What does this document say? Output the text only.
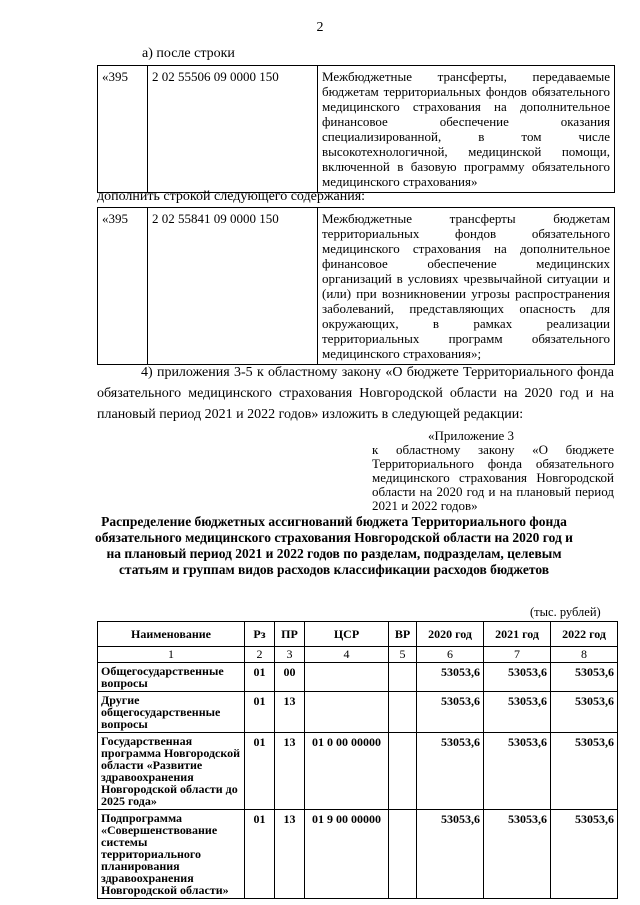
2
а) после строки
«395	2 02 55506 09 0000 150	Межбюджетные трансферты, передаваемые бюджетам территориальных фондов обязательного медицинского страхования на дополнительное финансовое обеспечение оказания специализированной, в том числе высокотехнологичной, медицинской помощи, включенной в базовую программу обязательного медицинского страхования»
дополнить строкой следующего содержания:
«395	2 02 55841 09 0000 150	Межбюджетные трансферты бюджетам территориальных фондов обязательного медицинского страхования на дополнительное финансовое обеспечение медицинских организаций в условиях чрезвычайной ситуации и (или) при возникновении угрозы распространения заболеваний, представляющих опасность для окружающих, в рамках реализации территориальных программ обязательного медицинского страхования»;
4) приложения 3-5 к областному закону «О бюджете Территориального фонда обязательного медицинского страхования Новгородской области на 2020 год и на плановый период 2021 и 2022 годов» изложить в следующей редакции:
«Приложение 3
к областному закону «О бюджете Территориального фонда обязательного медицинского страхования Новгородской области на 2020 год и на плановый период 2021 и 2022 годов»
Распределение бюджетных ассигнований бюджета Территориального фонда обязательного медицинского страхования Новгородской области на 2020 год и на плановый период 2021 и 2022 годов по разделам, подразделам, целевым статьям и группам видов расходов классификации расходов бюджетов
(тыс. рублей)
Наименование	Рз	ПР	ЦСР	ВР	2020 год	2021 год	2022 год
1	2	3	4	5	6	7	8
Общегосударственные вопросы	01	00			53053,6	53053,6	53053,6
Другие общегосударственные вопросы	01	13			53053,6	53053,6	53053,6
Государственная программа Новгородской области «Развитие здравоохранения Новгородской области до 2025 года»	01	13	01 0 00 00000		53053,6	53053,6	53053,6
Подпрограмма «Совершенствование системы территориального планирования здравоохранения Новгородской области»	01	13	01 9 00 00000		53053,6	53053,6	53053,6
